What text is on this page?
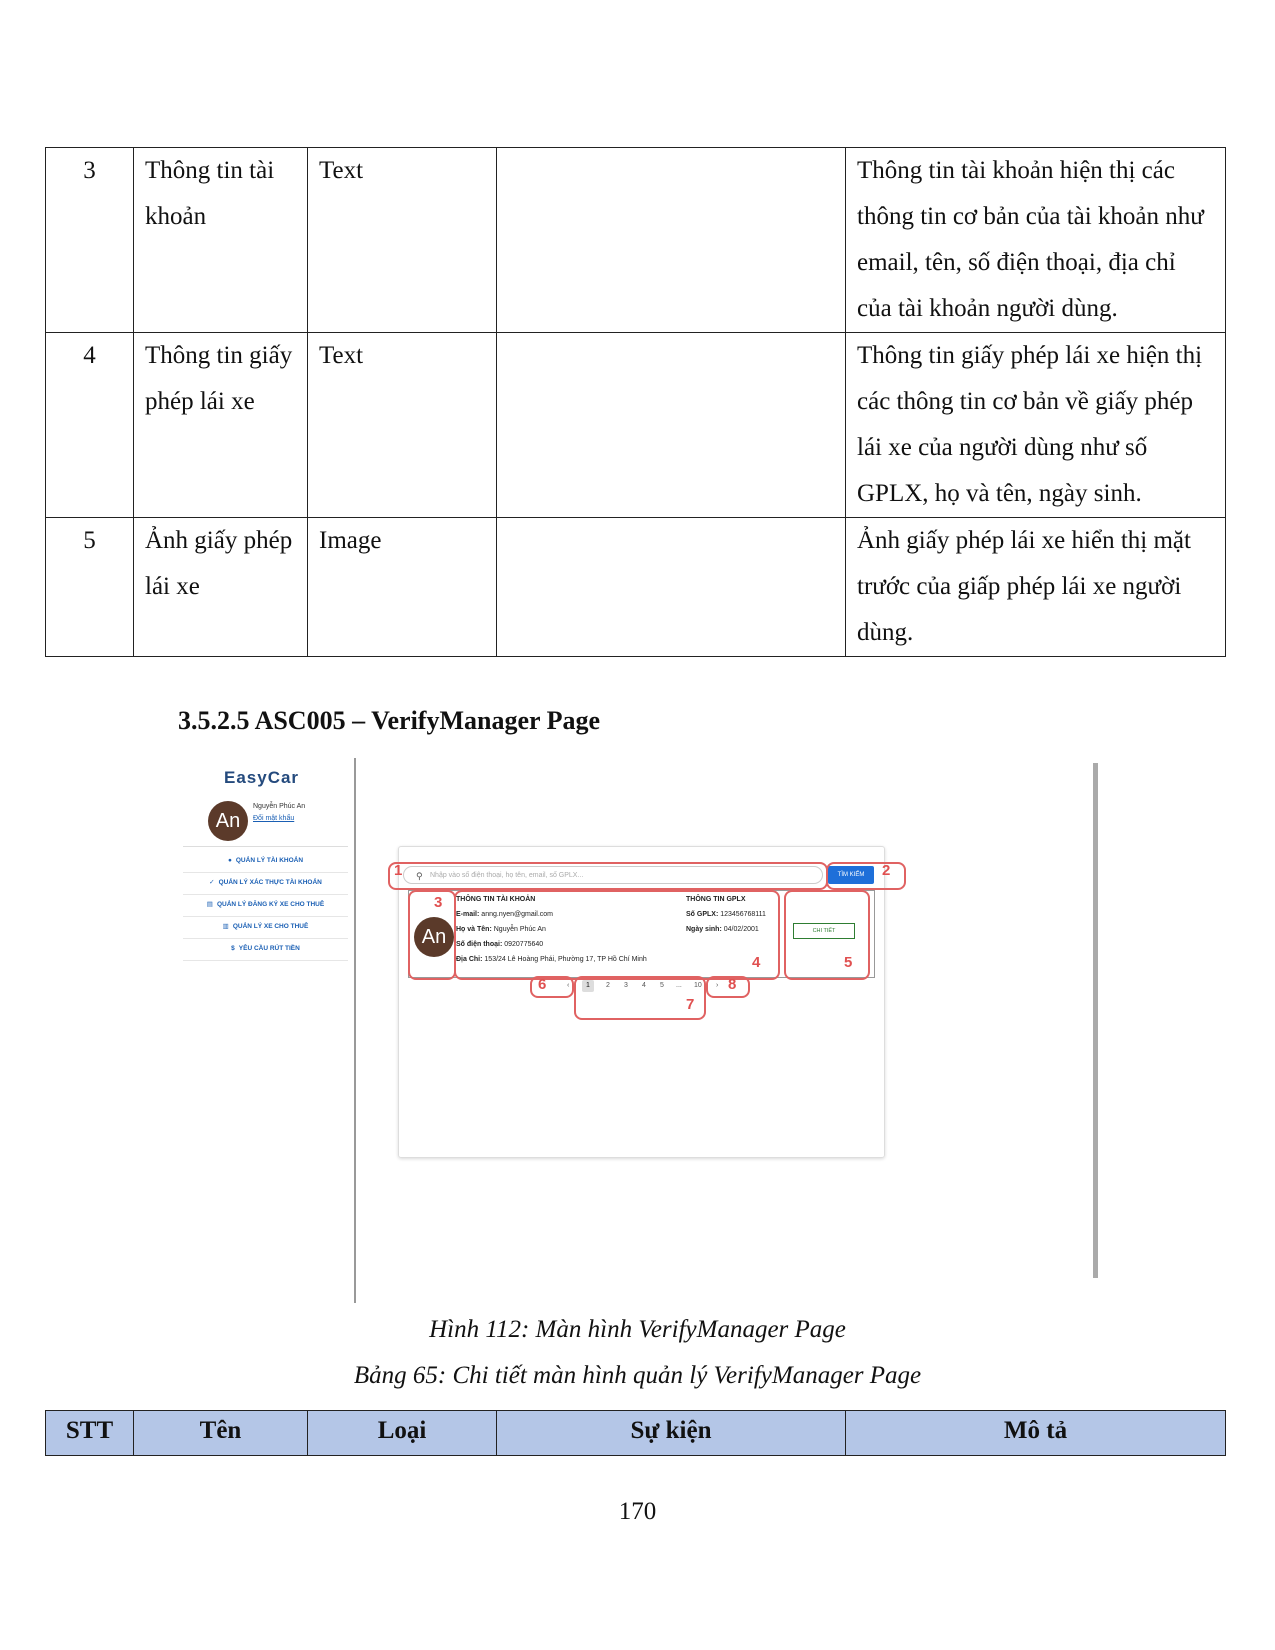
3	Thông tin tài khoản	Text		Thông tin tài khoản hiện thị các thông tin cơ bản của tài khoản như email, tên, số điện thoại, địa chỉ của tài khoản người dùng.
4	Thông tin giấy phép lái xe	Text		Thông tin giấy phép lái xe hiện thị các thông tin cơ bản về giấy phép lái xe của người dùng như số GPLX, họ và tên, ngày sinh.
5	Ảnh giấy phép lái xe	Image		Ảnh giấy phép lái xe hiển thị mặt trước của giấp phép lái xe người dùng.
3.5.2.5 ASC005 – VerifyManager Page
EasyCar
An
Nguyễn Phúc An
Đổi mật khẩu
● QUẢN LÝ TÀI KHOẢN
✓ QUẢN LÝ XÁC THỰC TÀI KHOẢN
▤ QUẢN LÝ ĐĂNG KÝ XE CHO THUÊ
▥ QUẢN LÝ XE CHO THUÊ
$ YÊU CẦU RÚT TIỀN
⚲ Nhập vào số điện thoại, họ tên, email, số GPLX...	TÌM KIẾM
An
THÔNG TIN TÀI KHOẢN
E-mail: anng.nyen@gmail.com
Họ và Tên: Nguyễn Phúc An
Số điện thoại: 0920775640
Địa Chỉ: 153/24 Lê Hoàng Phái, Phường 17, TP Hồ Chí Minh
THÔNG TIN GPLX
Số GPLX: 123456768111
Ngày sinh: 04/02/2001	CHI TIẾT
‹	1	2 3 4 5 ... 10 ›
1	2
3
4	5
6
7
8
Hình 112: Màn hình VerifyManager Page
Bảng 65: Chi tiết màn hình quản lý VerifyManager Page
STT	Tên	Loại	Sự kiện	Mô tả
170
